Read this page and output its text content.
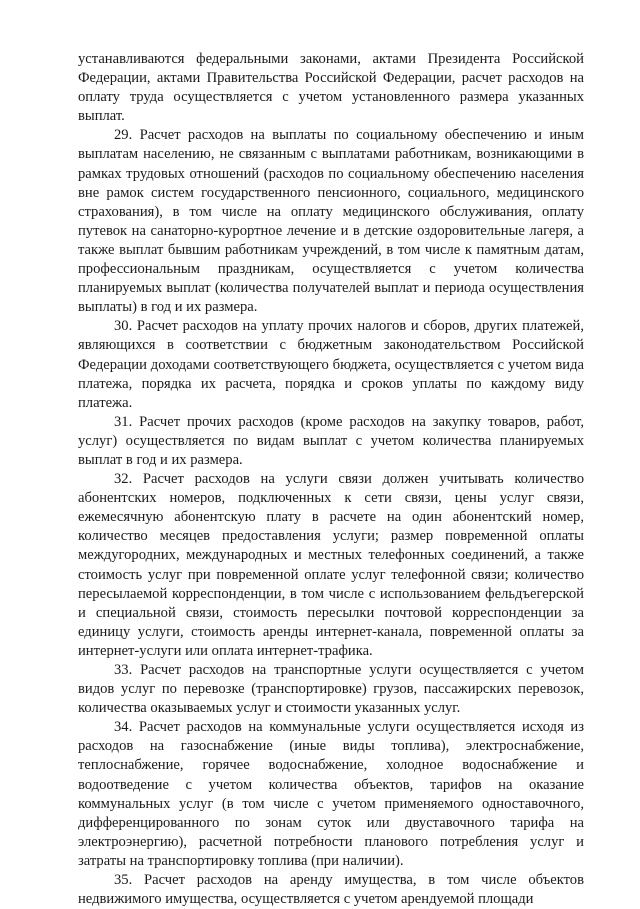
устанавливаются федеральными законами, актами Президента Российской Федерации, актами Правительства Российской Федерации, расчет расходов на оплату труда осуществляется с учетом установленного размера указанных выплат.

29. Расчет расходов на выплаты по социальному обеспечению и иным выплатам населению, не связанным с выплатами работникам, возникающими в рамках трудовых отношений (расходов по социальному обеспечению населения вне рамок систем государственного пенсионного, социального, медицинского страхования), в том числе на оплату медицинского обслуживания, оплату путевок на санаторно-курортное лечение и в детские оздоровительные лагеря, а также выплат бывшим работникам учреждений, в том числе к памятным датам, профессиональным праздникам, осуществляется с учетом количества планируемых выплат (количества получателей выплат и периода осуществления выплаты) в год и их размера.

30. Расчет расходов на уплату прочих налогов и сборов, других платежей, являющихся в соответствии с бюджетным законодательством Российской Федерации доходами соответствующего бюджета, осуществляется с учетом вида платежа, порядка их расчета, порядка и сроков уплаты по каждому виду платежа.

31. Расчет прочих расходов (кроме расходов на закупку товаров, работ, услуг) осуществляется по видам выплат с учетом количества планируемых выплат в год и их размера.

32. Расчет расходов на услуги связи должен учитывать количество абонентских номеров, подключенных к сети связи, цены услуг связи, ежемесячную абонентскую плату в расчете на один абонентский номер, количество месяцев предоставления услуги; размер повременной оплаты междугородних, международных и местных телефонных соединений, а также стоимость услуг при повременной оплате услуг телефонной связи; количество пересылаемой корреспонденции, в том числе с использованием фельдъегерской и специальной связи, стоимость пересылки почтовой корреспонденции за единицу услуги, стоимость аренды интернет-канала, повременной оплаты за интернет-услуги или оплата интернет-трафика.

33. Расчет расходов на транспортные услуги осуществляется с учетом видов услуг по перевозке (транспортировке) грузов, пассажирских перевозок, количества оказываемых услуг и стоимости указанных услуг.

34. Расчет расходов на коммунальные услуги осуществляется исходя из расходов на газоснабжение (иные виды топлива), электроснабжение, теплоснабжение, горячее водоснабжение, холодное водоснабжение и водоотведение с учетом количества объектов, тарифов на оказание коммунальных услуг (в том числе с учетом применяемого одноставочного, дифференцированного по зонам суток или двуставочного тарифа на электроэнергию), расчетной потребности планового потребления услуг и затраты на транспортировку топлива (при наличии).

35. Расчет расходов на аренду имущества, в том числе объектов недвижимого имущества, осуществляется с учетом арендуемой площади
